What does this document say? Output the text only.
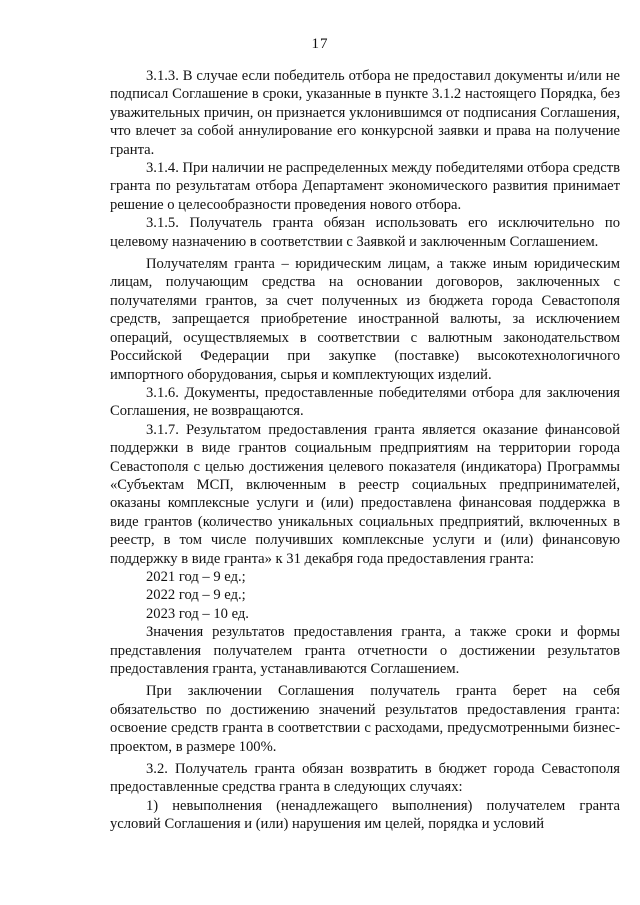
17

3.1.3. В случае если победитель отбора не предоставил документы и/или не подписал Соглашение в сроки, указанные в пункте 3.1.2 настоящего Порядка, без уважительных причин, он признается уклонившимся от подписания Соглашения, что влечет за собой аннулирование его конкурсной заявки и права на получение гранта.

3.1.4. При наличии не распределенных между победителями отбора средств гранта по результатам отбора Департамент экономического развития принимает решение о целесообразности проведения нового отбора.

3.1.5. Получатель гранта обязан использовать его исключительно по целевому назначению в соответствии с Заявкой и заключенным Соглашением.

Получателям гранта – юридическим лицам, а также иным юридическим лицам, получающим средства на основании договоров, заключенных с получателями грантов, за счет полученных из бюджета города Севастополя средств, запрещается приобретение иностранной валюты, за исключением операций, осуществляемых в соответствии с валютным законодательством Российской Федерации при закупке (поставке) высокотехнологичного импортного оборудования, сырья и комплектующих изделий.

3.1.6. Документы, предоставленные победителями отбора для заключения Соглашения, не возвращаются.

3.1.7. Результатом предоставления гранта является оказание финансовой поддержки в виде грантов социальным предприятиям на территории города Севастополя с целью достижения целевого показателя (индикатора) Программы «Субъектам МСП, включенным в реестр социальных предпринимателей, оказаны комплексные услуги и (или) предоставлена финансовая поддержка в виде грантов (количество уникальных социальных предприятий, включенных в реестр, в том числе получивших комплексные услуги и (или) финансовую поддержку в виде гранта» к 31 декабря года предоставления гранта:

2021 год – 9 ед.;

2022 год – 9 ед.;

2023 год – 10 ед.

Значения результатов предоставления гранта, а также сроки и формы представления получателем гранта отчетности о достижении результатов предоставления гранта, устанавливаются Соглашением.

При заключении Соглашения получатель гранта берет на себя обязательство по достижению значений результатов предоставления гранта: освоение средств гранта в соответствии с расходами, предусмотренными бизнес-проектом, в размере 100%.

3.2. Получатель гранта обязан возвратить в бюджет города Севастополя предоставленные средства гранта в следующих случаях:

1) невыполнения (ненадлежащего выполнения) получателем гранта условий Соглашения и (или) нарушения им целей, порядка и условий
